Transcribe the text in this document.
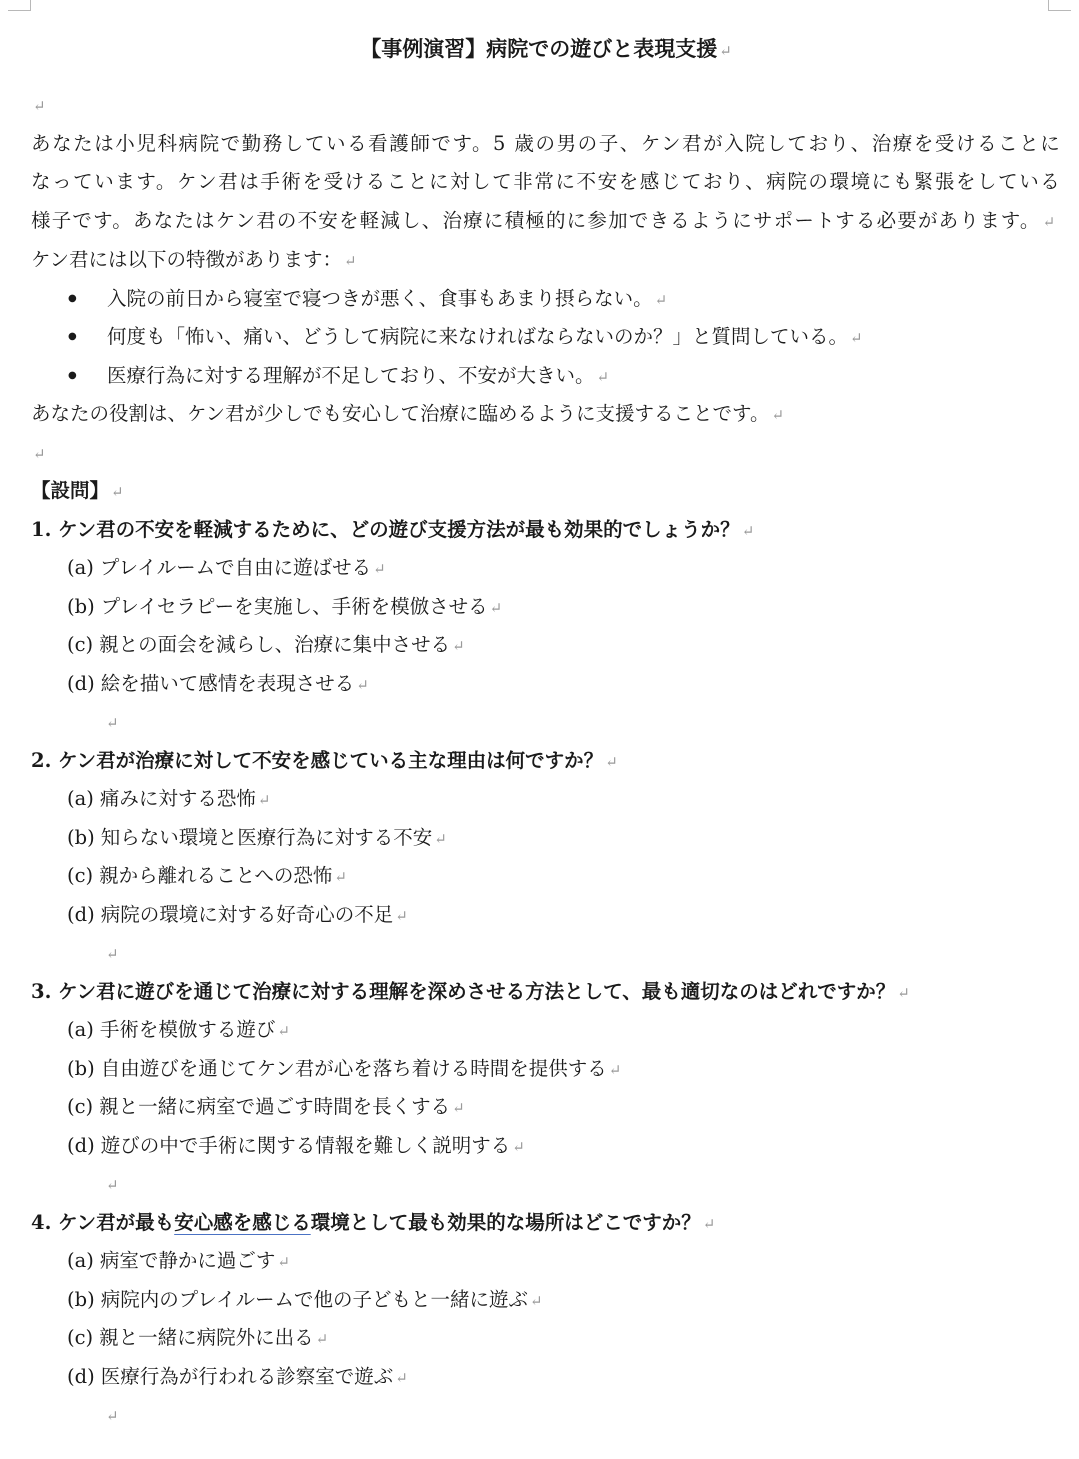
【事例演習】病院での遊びと表現支援 ↵
↵
あなたは小児科病院で勤務している看護師です。5 歳の男の子、ケン君が入院しており、治療を受けることになっています。ケン君は手術を受けることに対して非常に不安を感じており、病院の環境にも緊張をしている様子です。あなたはケン君の不安を軽減し、治療に積極的に参加できるようにサポートする必要があります。 ↵
ケン君には以下の特徴があります： ↵
● 入院の前日から寝室で寝つきが悪く、食事もあまり摂らない。 ↵
● 何度も「怖い、痛い、どうして病院に来なければならないのか？」と質問している。 ↵
● 医療行為に対する理解が不足しており、不安が大きい。 ↵
あなたの役割は、ケン君が少しでも安心して治療に臨めるように支援することです。 ↵
↵
【設問】 ↵
1. ケン君の不安を軽減するために、どの遊び支援方法が最も効果的でしょうか？ ↵
(a) プレイルームで自由に遊ばせる ↵
(b) プレイセラピーを実施し、手術を模倣させる ↵
(c) 親との面会を減らし、治療に集中させる ↵
(d) 絵を描いて感情を表現させる ↵
↵
2. ケン君が治療に対して不安を感じている主な理由は何ですか？ ↵
(a) 痛みに対する恐怖 ↵
(b) 知らない環境と医療行為に対する不安 ↵
(c) 親から離れることへの恐怖 ↵
(d) 病院の環境に対する好奇心の不足 ↵
↵
3. ケン君に遊びを通じて治療に対する理解を深めさせる方法として、最も適切なのはどれですか？ ↵
(a) 手術を模倣する遊び ↵
(b) 自由遊びを通じてケン君が心を落ち着ける時間を提供する ↵
(c) 親と一緒に病室で過ごす時間を長くする ↵
(d) 遊びの中で手術に関する情報を難しく説明する ↵
↵
4. ケン君が最も安心感を感じる環境として最も効果的な場所はどこですか？ ↵
(a) 病室で静かに過ごす ↵
(b) 病院内のプレイルームで他の子どもと一緒に遊ぶ ↵
(c) 親と一緒に病院外に出る ↵
(d) 医療行為が行われる診察室で遊ぶ ↵
↵
